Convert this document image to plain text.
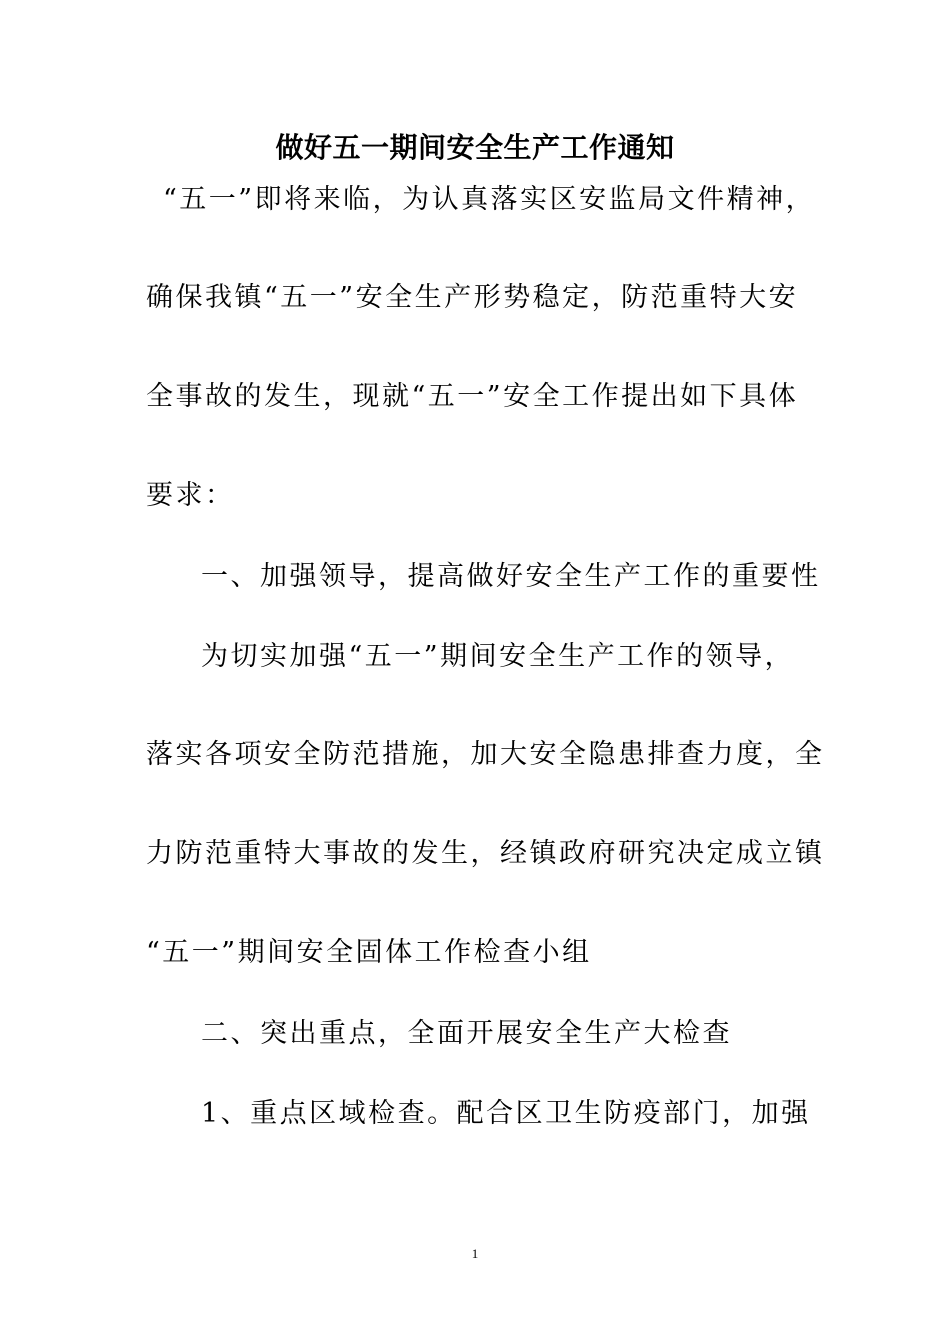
做好五一期间安全生产工作通知
“五一”即将来临，为认真落实区安监局文件精神，
确保我镇“五一”安全生产形势稳定，防范重特大安
全事故的发生，现就“五一”安全工作提出如下具体
要求：
一、加强领导，提高做好安全生产工作的重要性
为切实加强“五一”期间安全生产工作的领导，
落实各项安全防范措施，加大安全隐患排查力度，全
力防范重特大事故的发生，经镇政府研究决定成立镇
“五一”期间安全固体工作检查小组
二、突出重点，全面开展安全生产大检查
1、重点区域检查。配合区卫生防疫部门，加强
1
